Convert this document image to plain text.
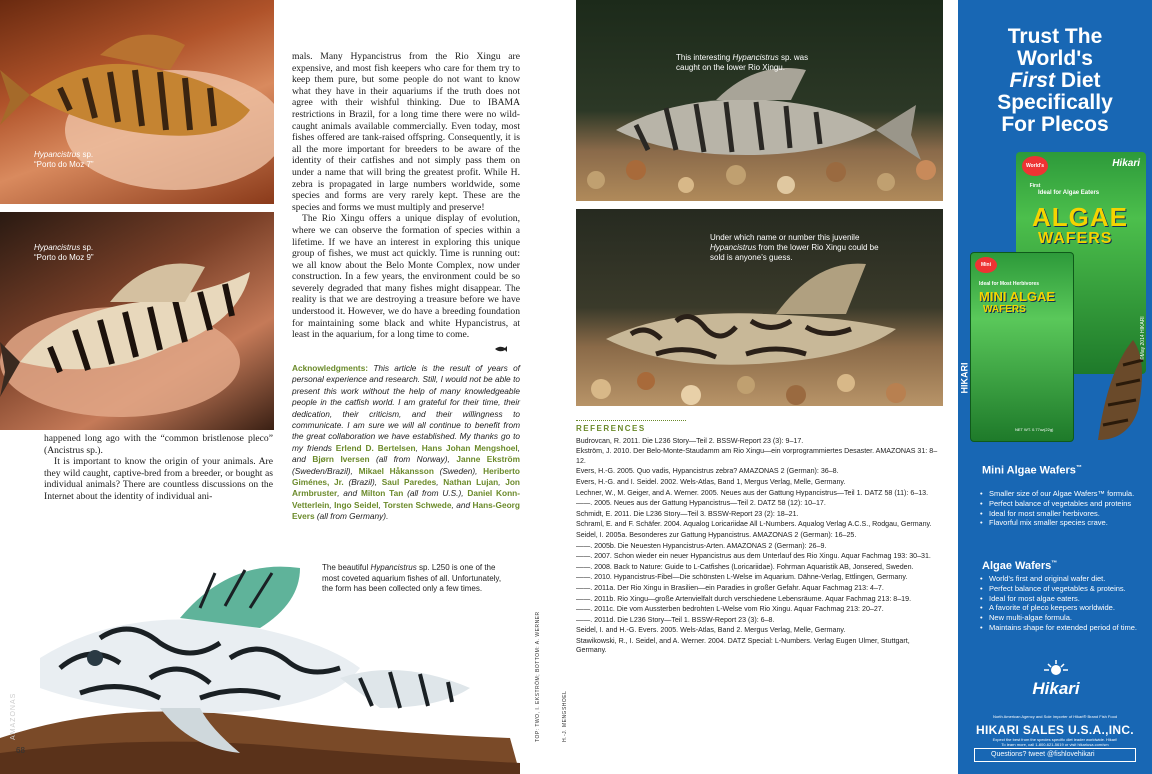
Hypancistrus sp.
“Porto do Moz 7”
Hypancistrus sp.
“Porto do Moz 9”

happened long ago with the “common bristlenose pleco” (Ancistrus sp.).

It is important to know the origin of your animals. Are they wild caught, captive-bred from a breeder, or bought as individual animals? There are countless discussions on the Internet about the identity of individual ani-

mals. Many Hypancistrus from the Rio Xingu are expensive, and most fish keepers who care for them try to keep them pure, but some people do not want to know what they have in their aquariums if the truth does not agree with their wishful thinking. Due to IBAMA restrictions in Brazil, for a long time there were no wild-caught animals available commercially. Even today, most fishes offered are tank-raised offspring. Consequently, it is all the more important for breeders to be aware of the identity of their catfishes and not simply pass them on under a name that will bring the greatest profit. While H. zebra is propagated in large numbers worldwide, some species and forms are very rarely kept. These are the species and forms we must multiply and preserve!

The Rio Xingu offers a unique display of evolution, where we can observe the formation of species within a lifetime. If we have an interest in exploring this unique group of fishes, we must act quickly. Time is running out: we all know about the Belo Monte Complex, now under construction. In a few years, the environment could be so severely degraded that many fishes might disappear. The reality is that we are destroying a treasure before we have understood it. However, we do have a breeding foundation for maintaining some black and white Hypancistrus, at least in the aquarium, for a long time to come.

Acknowledgments: This article is the result of years of personal experience and research. Still, I would not be able to present this work without the help of many knowledgeable people in the catfish world. I am grateful for their time, their dedication, their criticism, and their willingness to communicate. I am sure we will all continue to benefit from the great collaboration we have established. My thanks go to my friends Erlend D. Bertelsen, Hans Johan Mengshoel, and Bjørn Iversen (all from Norway), Janne Ekström (Sweden/Brazil), Mikael Håkansson (Sweden), Heriberto Giménes, Jr. (Brazil), Saul Paredes, Nathan Lujan, Jon Armbruster, and Milton Tan (all from U.S.), Daniel Konn-Vetterlein, Ingo Seidel, Torsten Schwede, and Hans-Georg Evers (all from Germany).
The beautiful Hypancistrus sp. L250 is one of the most coveted aquarium fishes of all. Unfortunately, the form has been collected only a few times.
68
AMAZONAS	TOP: TWO, I. EKSTRÖM; BOTTOM: A. WERNER	H.-J. MENGSHOEL
This interesting Hypancistrus sp. was caught on the lower Rio Xingu.
Under which name or number this juvenile Hypancistrus from the lower Rio Xingu could be sold is anyone’s guess.
REFERENCES
Budrovcan, R. 2011. Die L236 Story—Teil 2. BSSW-Report 23 (3): 9–17.
Ekström, J. 2010. Der Belo-Monte-Staudamm am Rio Xingu—ein vorprogrammiertes Desaster. AMAZONAS 31: 8–12.
Evers, H.-G. 2005. Quo vadis, Hypancistrus zebra? AMAZONAS 2 (German): 36–8.
Evers, H.-G. and I. Seidel. 2002. Wels-Atlas, Band 1, Mergus Verlag, Melle, Germany.
Lechner, W., M. Geiger, and A. Werner. 2005. Neues aus der Gattung Hypancistrus—Teil 1. DATZ 58 (11): 6–13.
——. 2005. Neues aus der Gattung Hypancistrus—Teil 2. DATZ 58 (12): 10–17.
Schmidt, E. 2011. Die L236 Story—Teil 3. BSSW-Report 23 (2): 18–21.
Schraml, E. and F. Schäfer. 2004. Aqualog Loricariidae All L-Numbers. Aqualog Verlag A.C.S., Rodgau, Germany.
Seidel, I. 2005a. Besonderes zur Gattung Hypancistrus. AMAZONAS 2 (German): 16–25.
——. 2005b. Die Neuesten Hypancistrus-Arten. AMAZONAS 2 (German): 26–9.
——. 2007. Schon wieder ein neuer Hypancistrus aus dem Unterlauf des Rio Xingu. Aquar Fachmag 193: 30–31.
——. 2008. Back to Nature: Guide to L-Catfishes (Loricariidae). Fohrman Aquaristik AB, Jonsered, Sweden.
——. 2010. Hypancistrus-Fibel—Die schönsten L-Welse im Aquarium. Dähne-Verlag, Ettlingen, Germany.
——. 2011a. Der Rio Xingu in Brasilien—ein Paradies in großer Gefahr. Aquar Fachmag 213: 4–7.
——. 2011b. Rio Xingu—große Artenvielfalt durch verschiedene Lebensräume. Aquar Fachmag 213: 8–19.
——. 2011c. Die vom Aussterben bedrohten L-Welse vom Rio Xingu. Aquar Fachmag 213: 20–27.
——. 2011d. Die L236 Story—Teil 1. BSSW-Report 23 (3): 6–8.
Seidel, I. and H.-G. Evers. 2005. Wels-Atlas, Band 2. Mergus Verlag, Melle, Germany.
Stawikowski, R., I. Seidel, and A. Werner. 2004. DATZ Special: L-Numbers. Verlag Eugen Ulmer, Stuttgart, Germany.
Trust The
World's
First Diet
Specifically
For Plecos
World's First
Hikari
Ideal for Algae Eaters
ALGAE
WAFERS
Mini
Ideal for Most Herbivores
MINI ALGAE
WAFERS
HIKARI
NET WT. 0.77oz(22g)
©May 2014 HIKARI
Mini Algae Wafers™
• Smaller size of our Algae Wafers™ formula.
• Perfect balance of vegetables and proteins
• Ideal for most smaller herbivores.
• Flavorful mix smaller species crave.
Algae Wafers™
• World's first and original wafer diet.
• Perfect balance of vegetables & proteins.
• Ideal for most algae eaters.
• A favorite of pleco keepers worldwide.
• New multi-algae formula.
• Maintains shape for extended period of time.
Hikari
HIKARI SALES U.S.A.,INC.
North American Agency and Sole Importer of Hikari® Brand Fish Food
Expect the best from the species specific diet leader worldwide. Hikari!
To learn more, call 1-800-621-5619 or visit hikariusa.com/sm
Questions? tweet @fishlovehikari
